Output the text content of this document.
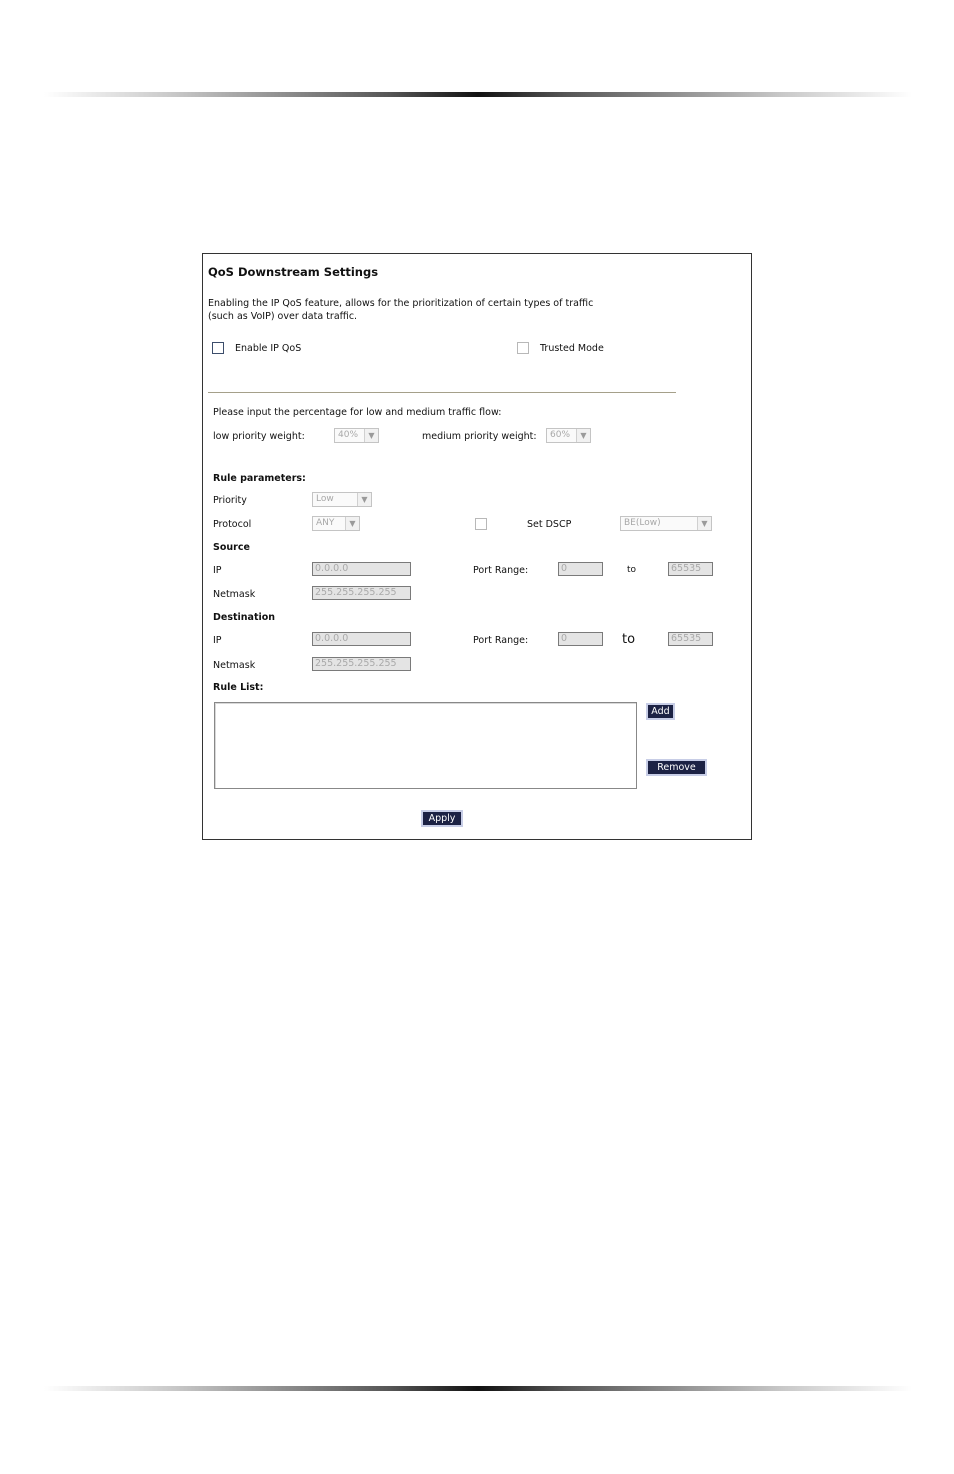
QoS Downstream Settings
Enabling the IP QoS feature, allows for the prioritization of certain types of traffic
(such as VoIP) over data traffic.
Enable IP QoS	Trusted Mode
Please input the percentage for low and medium traffic flow:
low priority weight:	40%	▼	medium priority weight:	60%	▼
Rule parameters:
Priority	Low	▼
Protocol	ANY	▼	Set DSCP	BE(Low)	▼
Source
IP	0.0.0.0	Port Range:	0	to	65535
Netmask	255.255.255.255
Destination
IP	0.0.0.0	Port Range:	0	to	65535
Netmask	255.255.255.255
Rule List:
Add
Remove
Apply
